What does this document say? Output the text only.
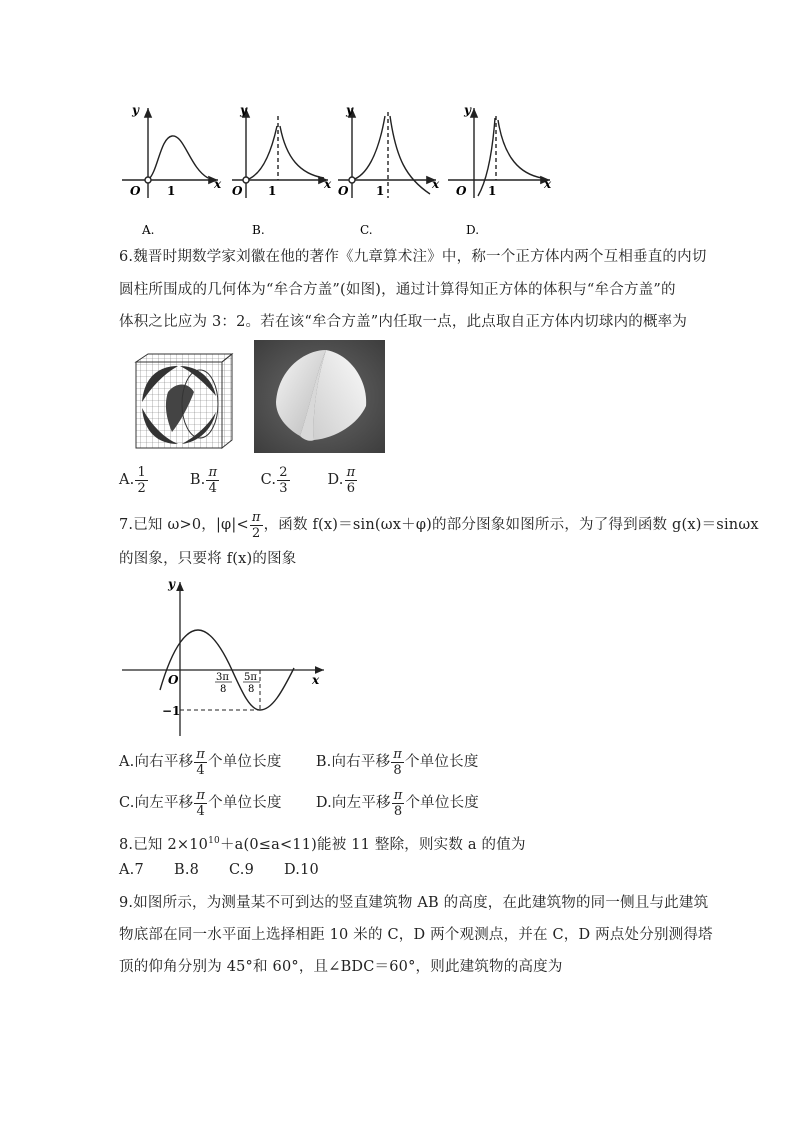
y
O 1	x
A.
y
O 1	x
B.
y
O 1	x
C.
y
O 1	x
D.
6.魏晋时期数学家刘徽在他的著作《九章算术注》中，称一个正方体内两个互相垂直的内切
圆柱所围成的几何体为“牟合方盖”(如图)，通过计算得知正方体的体积与“牟合方盖”的
体积之比应为 3：2。若在该“牟合方盖”内任取一点，此点取自正方体内切球内的概率为
A. $\frac{1}{2}$	B. $\frac{\pi}{4}$	C. $\frac{2}{3}$	D. $\frac{\pi}{6}$
7.已知 ω>0，$|\varphi|< \frac{\pi}{2}$ ，函数 f(x)＝sin(ωx＋φ)的部分图象如图所示，为了得到函数 g(x)＝sinωx
的图象，只要将 f(x)的图象
y
x
O
−1
3π
8
5π
8
A.向右平移 $\frac{\pi}{4}$ 个单位长度 B.向右平移 $\frac{\pi}{8}$ 个单位长度
C.向左平移 $\frac{\pi}{4}$ 个单位长度 D.向左平移 $\frac{\pi}{8}$ 个单位长度
8.已知 $2\times 10^{10}+a(0\le a<11)$能被 11 整除，则实数 a 的值为
A.7 B.8 C.9 D.10
9.如图所示，为测量某不可到达的竖直建筑物 AB 的高度，在此建筑物的同一侧且与此建筑
物底部在同一水平面上选择相距 10 米的 C，D 两个观测点，并在 C，D 两点处分别测得塔
顶的仰角分别为 45°和 60°，且∠BDC＝60°，则此建筑物的高度为
